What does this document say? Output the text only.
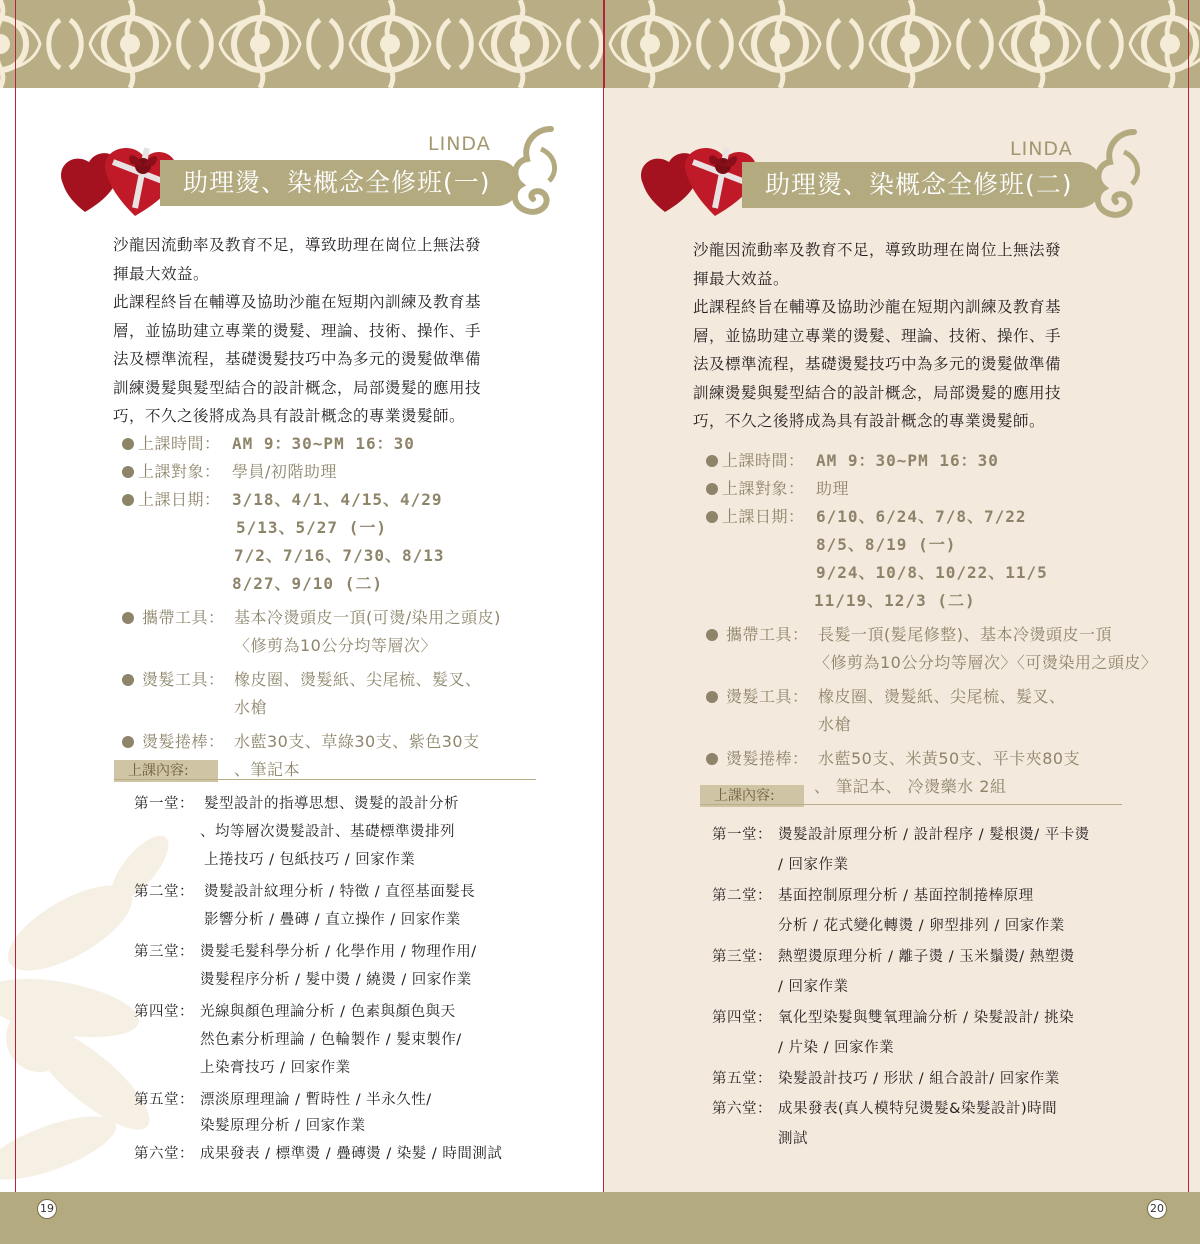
助理燙、染概念全修班(一)
LINDA

沙龍因流動率及教育不足，導致助理在崗位上無法發

揮最大效益。

此課程終旨在輔導及協助沙龍在短期內訓練及教育基

層，並協助建立專業的燙髮、理論、技術、操作、手

法及標準流程，基礎燙髮技巧中為多元的燙髮做準備

訓練燙髮與髮型結合的設計概念，局部燙髮的應用技

巧，不久之後將成為具有設計概念的專業燙髮師。

上課時間： AM 9：30~PM 16：30
上課對象： 學員/初階助理
上課日期： 3/18、4/1、4/15、4/29
5/13、5/27 (一)
7/2、7/16、7/30、8/13
8/27、9/10 (二)
攜帶工具： 基本冷燙頭皮一頂(可燙/染用之頭皮)
〈修剪為10公分均等層次〉
燙髮工具： 橡皮圈、燙髮紙、尖尾梳、髮叉、
水槍
燙髮捲棒： 水藍30支、草綠30支、紫色30支
、筆記本
上課內容:
第一堂： 髮型設計的指導思想、燙髮的設計分析
、均等層次燙髮設計、基礎標準燙排列
上捲技巧 / 包紙技巧 / 回家作業
第二堂： 燙髮設計紋理分析 / 特徵 / 直徑基面髮長
影響分析 / 疊磚 / 直立操作 / 回家作業
第三堂： 燙髮毛髮科學分析 / 化學作用 / 物理作用/
燙髮程序分析 / 髮中燙 / 繞燙 / 回家作業
第四堂： 光線與顏色理論分析 / 色素與顏色與天
然色素分析理論 / 色輪製作 / 髮束製作/
上染膏技巧 / 回家作業
第五堂： 漂淡原理理論 / 暫時性 / 半永久性/
染髮原理分析 / 回家作業
第六堂： 成果發表 / 標準燙 / 疊磚燙 / 染髮 / 時間測試
助理燙、染概念全修班(二)
LINDA

沙龍因流動率及教育不足，導致助理在崗位上無法發

揮最大效益。

此課程終旨在輔導及協助沙龍在短期內訓練及教育基

層，並協助建立專業的燙髮、理論、技術、操作、手

法及標準流程，基礎燙髮技巧中為多元的燙髮做準備

訓練燙髮與髮型結合的設計概念，局部燙髮的應用技

巧，不久之後將成為具有設計概念的專業燙髮師。

上課時間： AM 9：30~PM 16：30
上課對象： 助理
上課日期： 6/10、6/24、7/8、7/22
8/5、8/19 (一)
9/24、10/8、10/22、11/5
11/19、12/3 (二)
攜帶工具： 長髮一頂(髮尾修整)、基本冷燙頭皮一頂
〈修剪為10公分均等層次〉〈可燙染用之頭皮〉
燙髮工具： 橡皮圈、燙髮紙、尖尾梳、髮叉、
水槍
燙髮捲棒： 水藍50支、米黃50支、平卡夾80支
、 筆記本、 冷燙藥水 2組
上課內容:
第一堂： 燙髮設計原理分析 / 設計程序 / 髮根燙/ 平卡燙
/ 回家作業
第二堂： 基面控制原理分析 / 基面控制捲棒原理
分析 / 花式變化轉燙 / 卵型排列 / 回家作業
第三堂： 熱塑燙原理分析 / 離子燙 / 玉米鬚燙/ 熱塑燙
/ 回家作業
第四堂： 氧化型染髮與雙氧理論分析 / 染髮設計/ 挑染
/ 片染 / 回家作業
第五堂： 染髮設計技巧 / 形狀 / 組合設計/ 回家作業
第六堂： 成果發表(真人模特兒燙髮&染髮設計)時間
測試
19	20
